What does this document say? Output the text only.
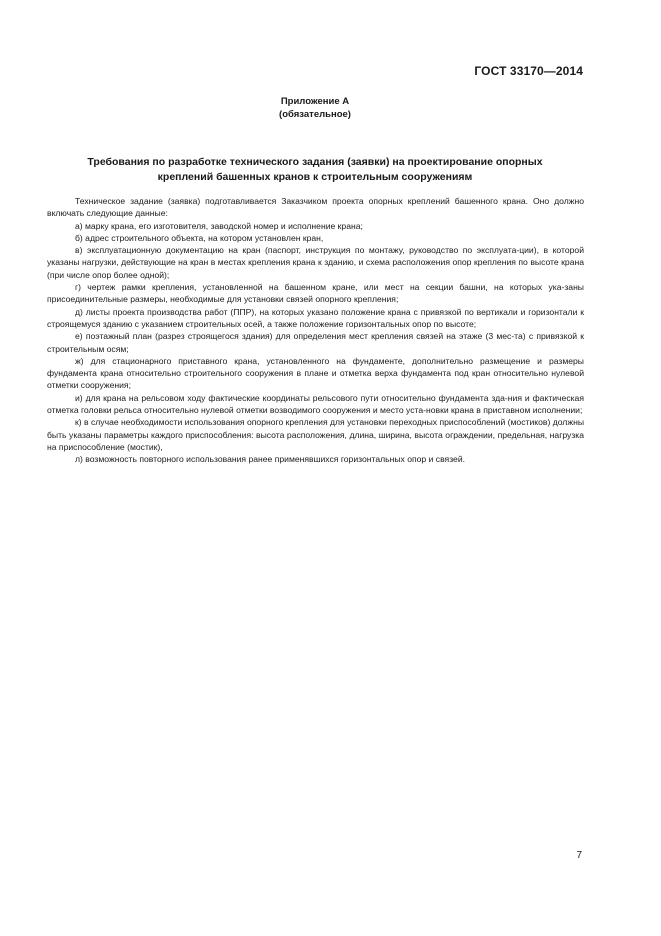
ГОСТ 33170—2014
Приложение А
(обязательное)
Требования по разработке технического задания (заявки) на проектирование опорных
креплений башенных кранов к строительным сооружениям

Техническое задание (заявка) подготавливается Заказчиком проекта опорных креплений башенного крана. Оно должно включать следующие данные:

а) марку крана, его изготовителя, заводской номер и исполнение крана;

б) адрес строительного объекта, на котором установлен кран,

в) эксплуатационную документацию на кран (паспорт, инструкция по монтажу, руководство по эксплуата-ции), в которой указаны нагрузки, действующие на кран в местах крепления крана к зданию, и схема расположения опор крепления по высоте крана (при числе опор более одной);

г) чертеж рамки крепления, установленной на башенном кране, или мест на секции башни, на которых ука-заны присоединительные размеры, необходимые для установки связей опорного крепления;

д) листы проекта производства работ (ППР), на которых указано положение крана с привязкой по вертикали и горизонтали к строящемуся зданию с указанием строительных осей, а также положение горизонтальных опор по высоте;

е) поэтажный план (разрез строящегося здания) для определения мест крепления связей на этаже (3 мес-та) с привязкой к строительным осям;

ж) для стационарного приставного крана, установленного на фундаменте, дополнительно размещение и размеры фундамента крана относительно строительного сооружения в плане и отметка верха фундамента под кран относительно нулевой отметки сооружения;

и) для крана на рельсовом ходу фактические координаты рельсового пути относительно фундамента зда-ния и фактическая отметка головки рельса относительно нулевой отметки возводимого сооружения и место уста-новки крана в приставном исполнении;

к) в случае необходимости использования опорного крепления для установки переходных приспособлений (мостиков) должны быть указаны параметры каждого приспособления: высота расположения, длина, ширина, высота ограждении, предельная, нагрузка на приспособление (мостик),

л) возможность повторного использования ранее применявшихся горизонтальных опор и связей.

7
